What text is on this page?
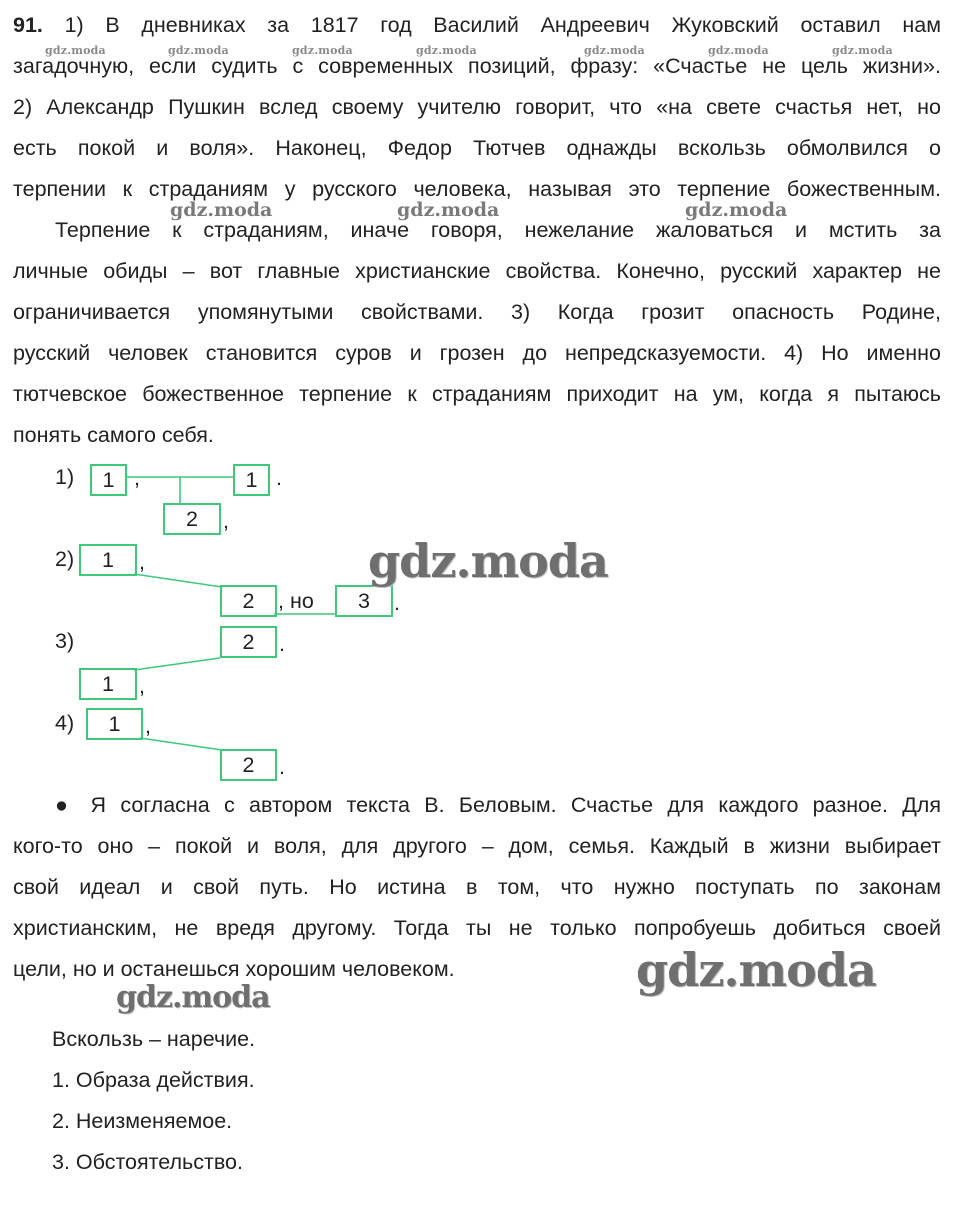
91. 1) В дневниках за 1817 год Василий Андреевич Жуковский оставил нам
загадочную, если судить с современных позиций, фразу: «Счастье не цель жизни».
2) Александр Пушкин вслед своему учителю говорит, что «на свете счастья нет, но
есть покой и воля». Наконец, Федор Тютчев однажды вскользь обмолвился о
терпении к страданиям у русского человека, называя это терпение божественным.
gdz.moda	gdz.moda	gdz.moda	gdz.moda	gdz.moda	gdz.moda	gdz.moda
gdz.moda	gdz.moda	gdz.moda
Терпение к страданиям, иначе говоря, нежелание жаловаться и мстить за
личные обиды – вот главные христианские свойства. Конечно, русский характер не
ограничивается упомянутыми свойствами. 3) Когда грозит опасность Родине,
русский человек становится суров и грозен до непредсказуемости. 4) Но именно
тютчевское божественное терпение к страданиям приходит на ум, когда я пытаюсь
понять самого себя.
1)	1 ,	1 .
2	,
2)	1	,
2	, но	3	.
3)	2	.
1	,
4)	1	,
2	.
gdz.moda
● Я согласна с автором текста В. Беловым. Счастье для каждого разное. Для
кого-то оно – покой и воля, для другого – дом, семья. Каждый в жизни выбирает
свой идеал и свой путь. Но истина в том, что нужно поступать по законам
христианским, не вредя другому. Тогда ты не только попробуешь добиться своей
цели, но и останешься хорошим человеком.	gdz.moda
gdz.moda
Вскользь – наречие.
1. Образа действия.
2. Неизменяемое.
3. Обстоятельство.
